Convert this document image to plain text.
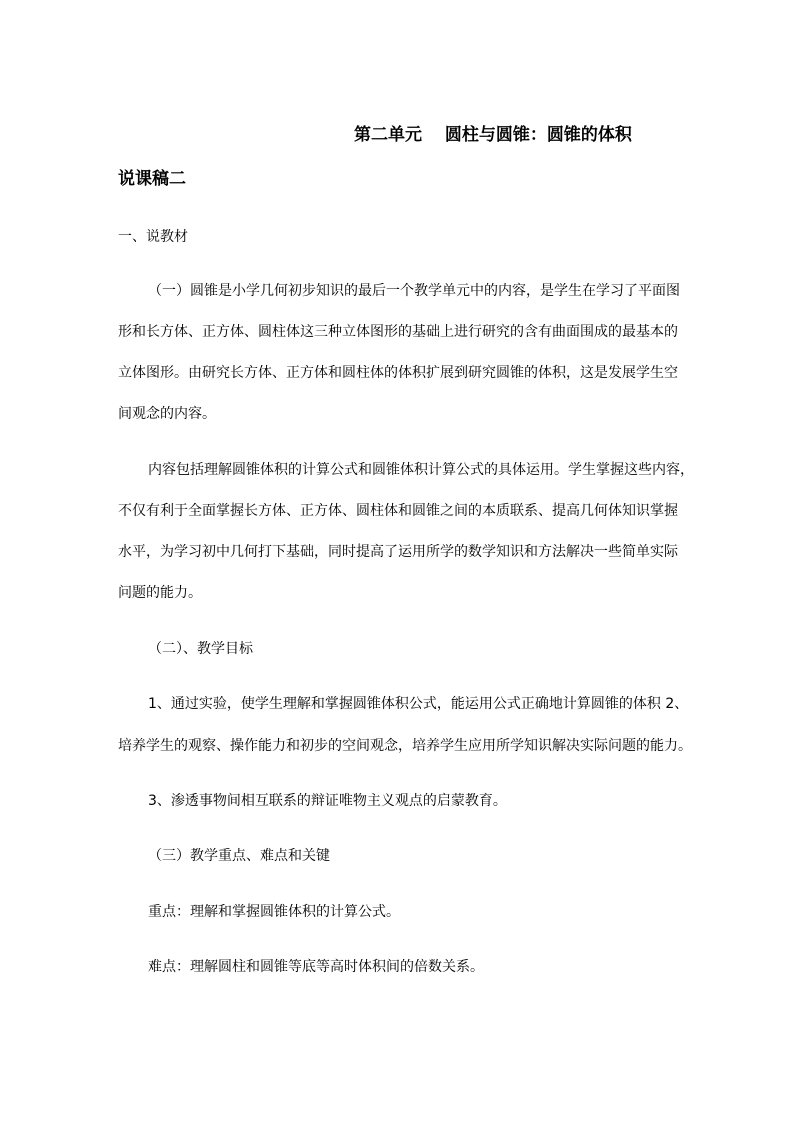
第二单元　 圆柱与圆锥：圆锥的体积
说课稿二
一、说教材
（一）圆锥是小学几何初步知识的最后一个教学单元中的内容，是学生在学习了平面图
形和长方体、正方体、圆柱体这三种立体图形的基础上进行研究的含有曲面围成的最基本的
立体图形。由研究长方体、正方体和圆柱体的体积扩展到研究圆锥的体积，这是发展学生空
间观念的内容。
内容包括理解圆锥体积的计算公式和圆锥体积计算公式的具体运用。学生掌握这些内容，
不仅有利于全面掌握长方体、正方体、圆柱体和圆锥之间的本质联系、提高几何体知识掌握
水平，为学习初中几何打下基础，同时提高了运用所学的数学知识和方法解决一些简单实际
问题的能力。
（二）、教学目标
1、通过实验，使学生理解和掌握圆锥体积公式，能运用公式正确地计算圆锥的体积 2、
培养学生的观察、操作能力和初步的空间观念，培养学生应用所学知识解决实际问题的能力。
3、渗透事物间相互联系的辩证唯物主义观点的启蒙教育。
（三）教学重点、难点和关键
重点：理解和掌握圆锥体积的计算公式。
难点：理解圆柱和圆锥等底等高时体积间的倍数关系。
